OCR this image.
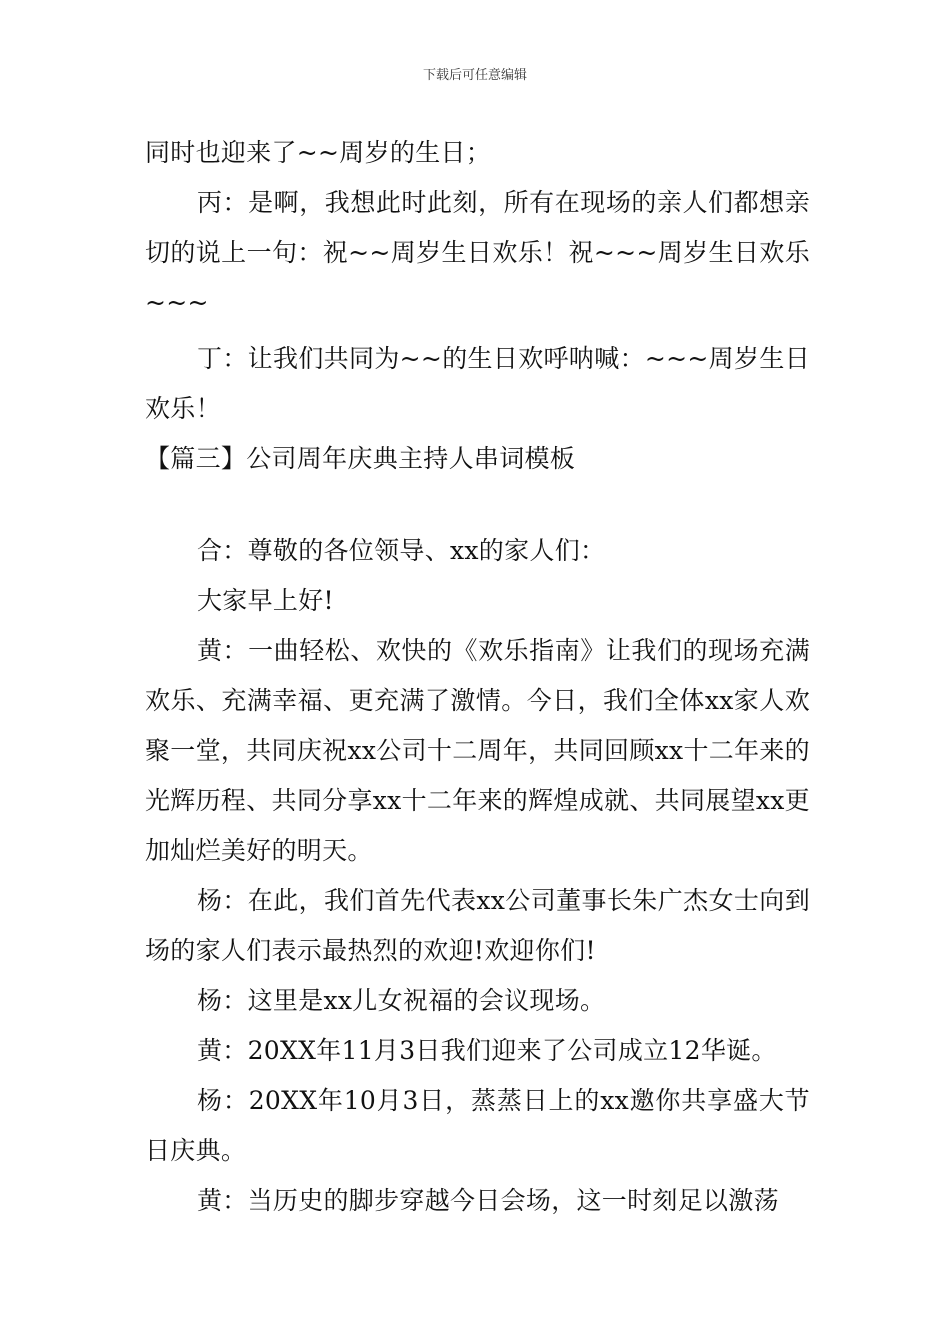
下载后可任意编辑
同时也迎来了~~周岁的生日；
丙：是啊，我想此时此刻，所有在现场的亲人们都想亲切的说上一句：祝~~周岁生日欢乐！祝~~~周岁生日欢乐~~~
丁：让我们共同为~~的生日欢呼呐喊：~~~周岁生日欢乐！
【篇三】公司周年庆典主持人串词模板
合：尊敬的各位领导、xx的家人们：
大家早上好!
黄：一曲轻松、欢快的《欢乐指南》让我们的现场充满欢乐、充满幸福、更充满了激情。今日，我们全体xx家人欢聚一堂，共同庆祝xx公司十二周年，共同回顾xx十二年来的光辉历程、共同分享xx十二年来的辉煌成就、共同展望xx更加灿烂美好的明天。
杨：在此，我们首先代表xx公司董事长朱广杰女士向到场的家人们表示最热烈的欢迎!欢迎你们!
杨：这里是xx儿女祝福的会议现场。
黄：20XX年11月3日我们迎来了公司成立12华诞。
杨：20XX年10月3日，蒸蒸日上的xx邀你共享盛大节日庆典。
黄：当历史的脚步穿越今日会场，这一时刻足以激荡
